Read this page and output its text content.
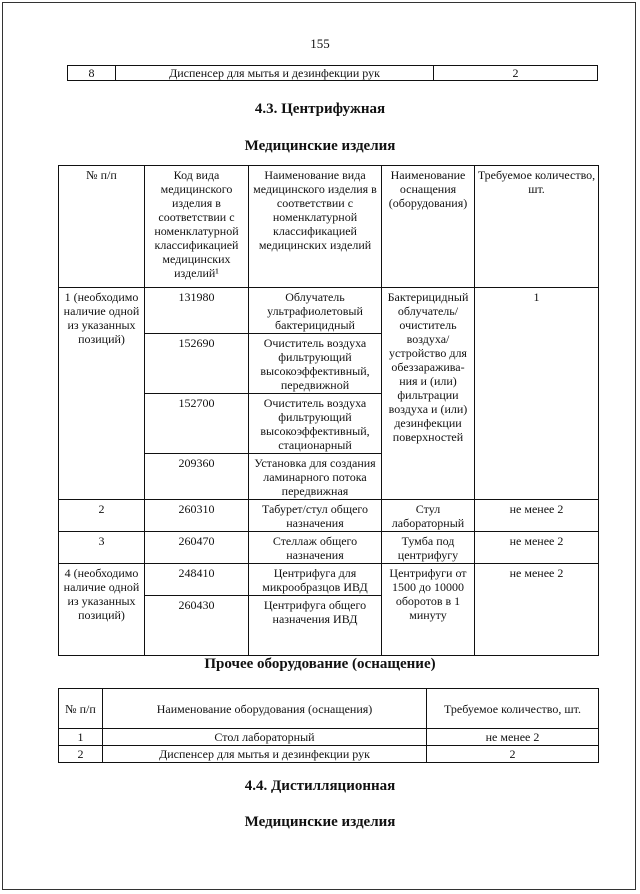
155
8	Диспенсер для мытья и дезинфекции рук	2
4.3. Центрифужная
Медицинские изделия
№ п/п	Код вида медицинского изделия в соответствии с номенклатурной классификацией медицинских изделий¹	Наименование вида медицинского изделия в соответствии с номенклатурной классификацией медицинских изделий	Наименование оснащения (оборудования)	Требуемое количество, шт.
1 (необходимо наличие одной из указанных позиций)	131980	Облучатель ультрафиолетовый бактерицидный	Бактерицидный облучатель/ очиститель воздуха/ устройство для обеззаражива-ния и (или) фильтрации воздуха и (или) дезинфекции поверхностей	1
	152690	Очиститель воздуха фильтрующий высокоэффективный, передвижной		
	152700	Очиститель воздуха фильтрующий высокоэффективный, стационарный		
	209360	Установка для создания ламинарного потока передвижная		
2	260310	Табурет/стул общего назначения	Стул лабораторный	не менее 2
3	260470	Стеллаж общего назначения	Тумба под центрифугу	не менее 2
4 (необходимо наличие одной из указанных позиций)	248410	Центрифуга для микрообразцов ИВД	Центрифуги от 1500 до 10000 оборотов в 1 минуту	не менее 2
	260430	Центрифуга общего назначения ИВД		
Прочее оборудование (оснащение)
№ п/п	Наименование оборудования (оснащения)	Требуемое количество, шт.
1	Стол лабораторный	не менее 2
2	Диспенсер для мытья и дезинфекции рук	2
4.4. Дистилляционная
Медицинские изделия
